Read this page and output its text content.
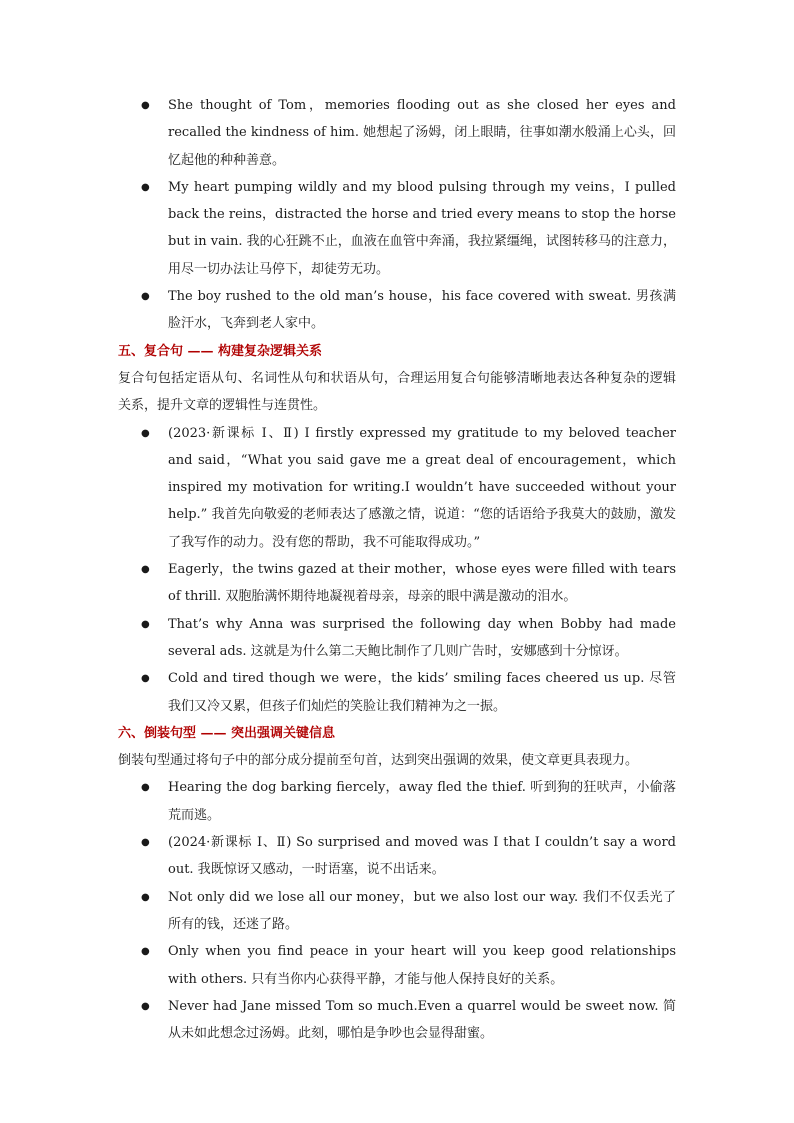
● She thought of Tom，memories flooding out as she closed her eyes and recalled the kindness of him. 她想起了汤姆，闭上眼睛，往事如潮水般涌上心头，回忆起他的种种善意。
● My heart pumping wildly and my blood pulsing through my veins，I pulled back the reins，distracted the horse and tried every means to stop the horse but in vain. 我的心狂跳不止，血液在血管中奔涌，我拉紧缰绳，试图转移马的注意力，用尽一切办法让马停下，却徒劳无功。
● The boy rushed to the old man’s house，his face covered with sweat. 男孩满脸汗水，飞奔到老人家中。

五、复合句 —— 构建复杂逻辑关系

复合句包括定语从句、名词性从句和状语从句，合理运用复合句能够清晰地表达各种复杂的逻辑关系，提升文章的逻辑性与连贯性。

● (2023·新课标 Ⅰ、Ⅱ) I firstly expressed my gratitude to my beloved teacher and said，“What you said gave me a great deal of encouragement，which inspired my motivation for writing.I wouldn’t have succeeded without your help.” 我首先向敬爱的老师表达了感激之情，说道：“您的话语给予我莫大的鼓励，激发了我写作的动力。没有您的帮助，我不可能取得成功。”
● Eagerly，the twins gazed at their mother，whose eyes were filled with tears of thrill. 双胞胎满怀期待地凝视着母亲，母亲的眼中满是激动的泪水。
● That’s why Anna was surprised the following day when Bobby had made several ads. 这就是为什么第二天鲍比制作了几则广告时，安娜感到十分惊讶。
● Cold and tired though we were，the kids’ smiling faces cheered us up. 尽管我们又冷又累，但孩子们灿烂的笑脸让我们精神为之一振。

六、倒装句型 —— 突出强调关键信息

倒装句型通过将句子中的部分成分提前至句首，达到突出强调的效果，使文章更具表现力。

● Hearing the dog barking fiercely，away fled the thief. 听到狗的狂吠声，小偷落荒而逃。
● (2024·新课标 Ⅰ、Ⅱ) So surprised and moved was I that I couldn’t say a word out. 我既惊讶又感动，一时语塞，说不出话来。
● Not only did we lose all our money，but we also lost our way. 我们不仅丢光了所有的钱，还迷了路。
● Only when you find peace in your heart will you keep good relationships with others. 只有当你内心获得平静，才能与他人保持良好的关系。
● Never had Jane missed Tom so much.Even a quarrel would be sweet now. 简从未如此想念过汤姆。此刻，哪怕是争吵也会显得甜蜜。
